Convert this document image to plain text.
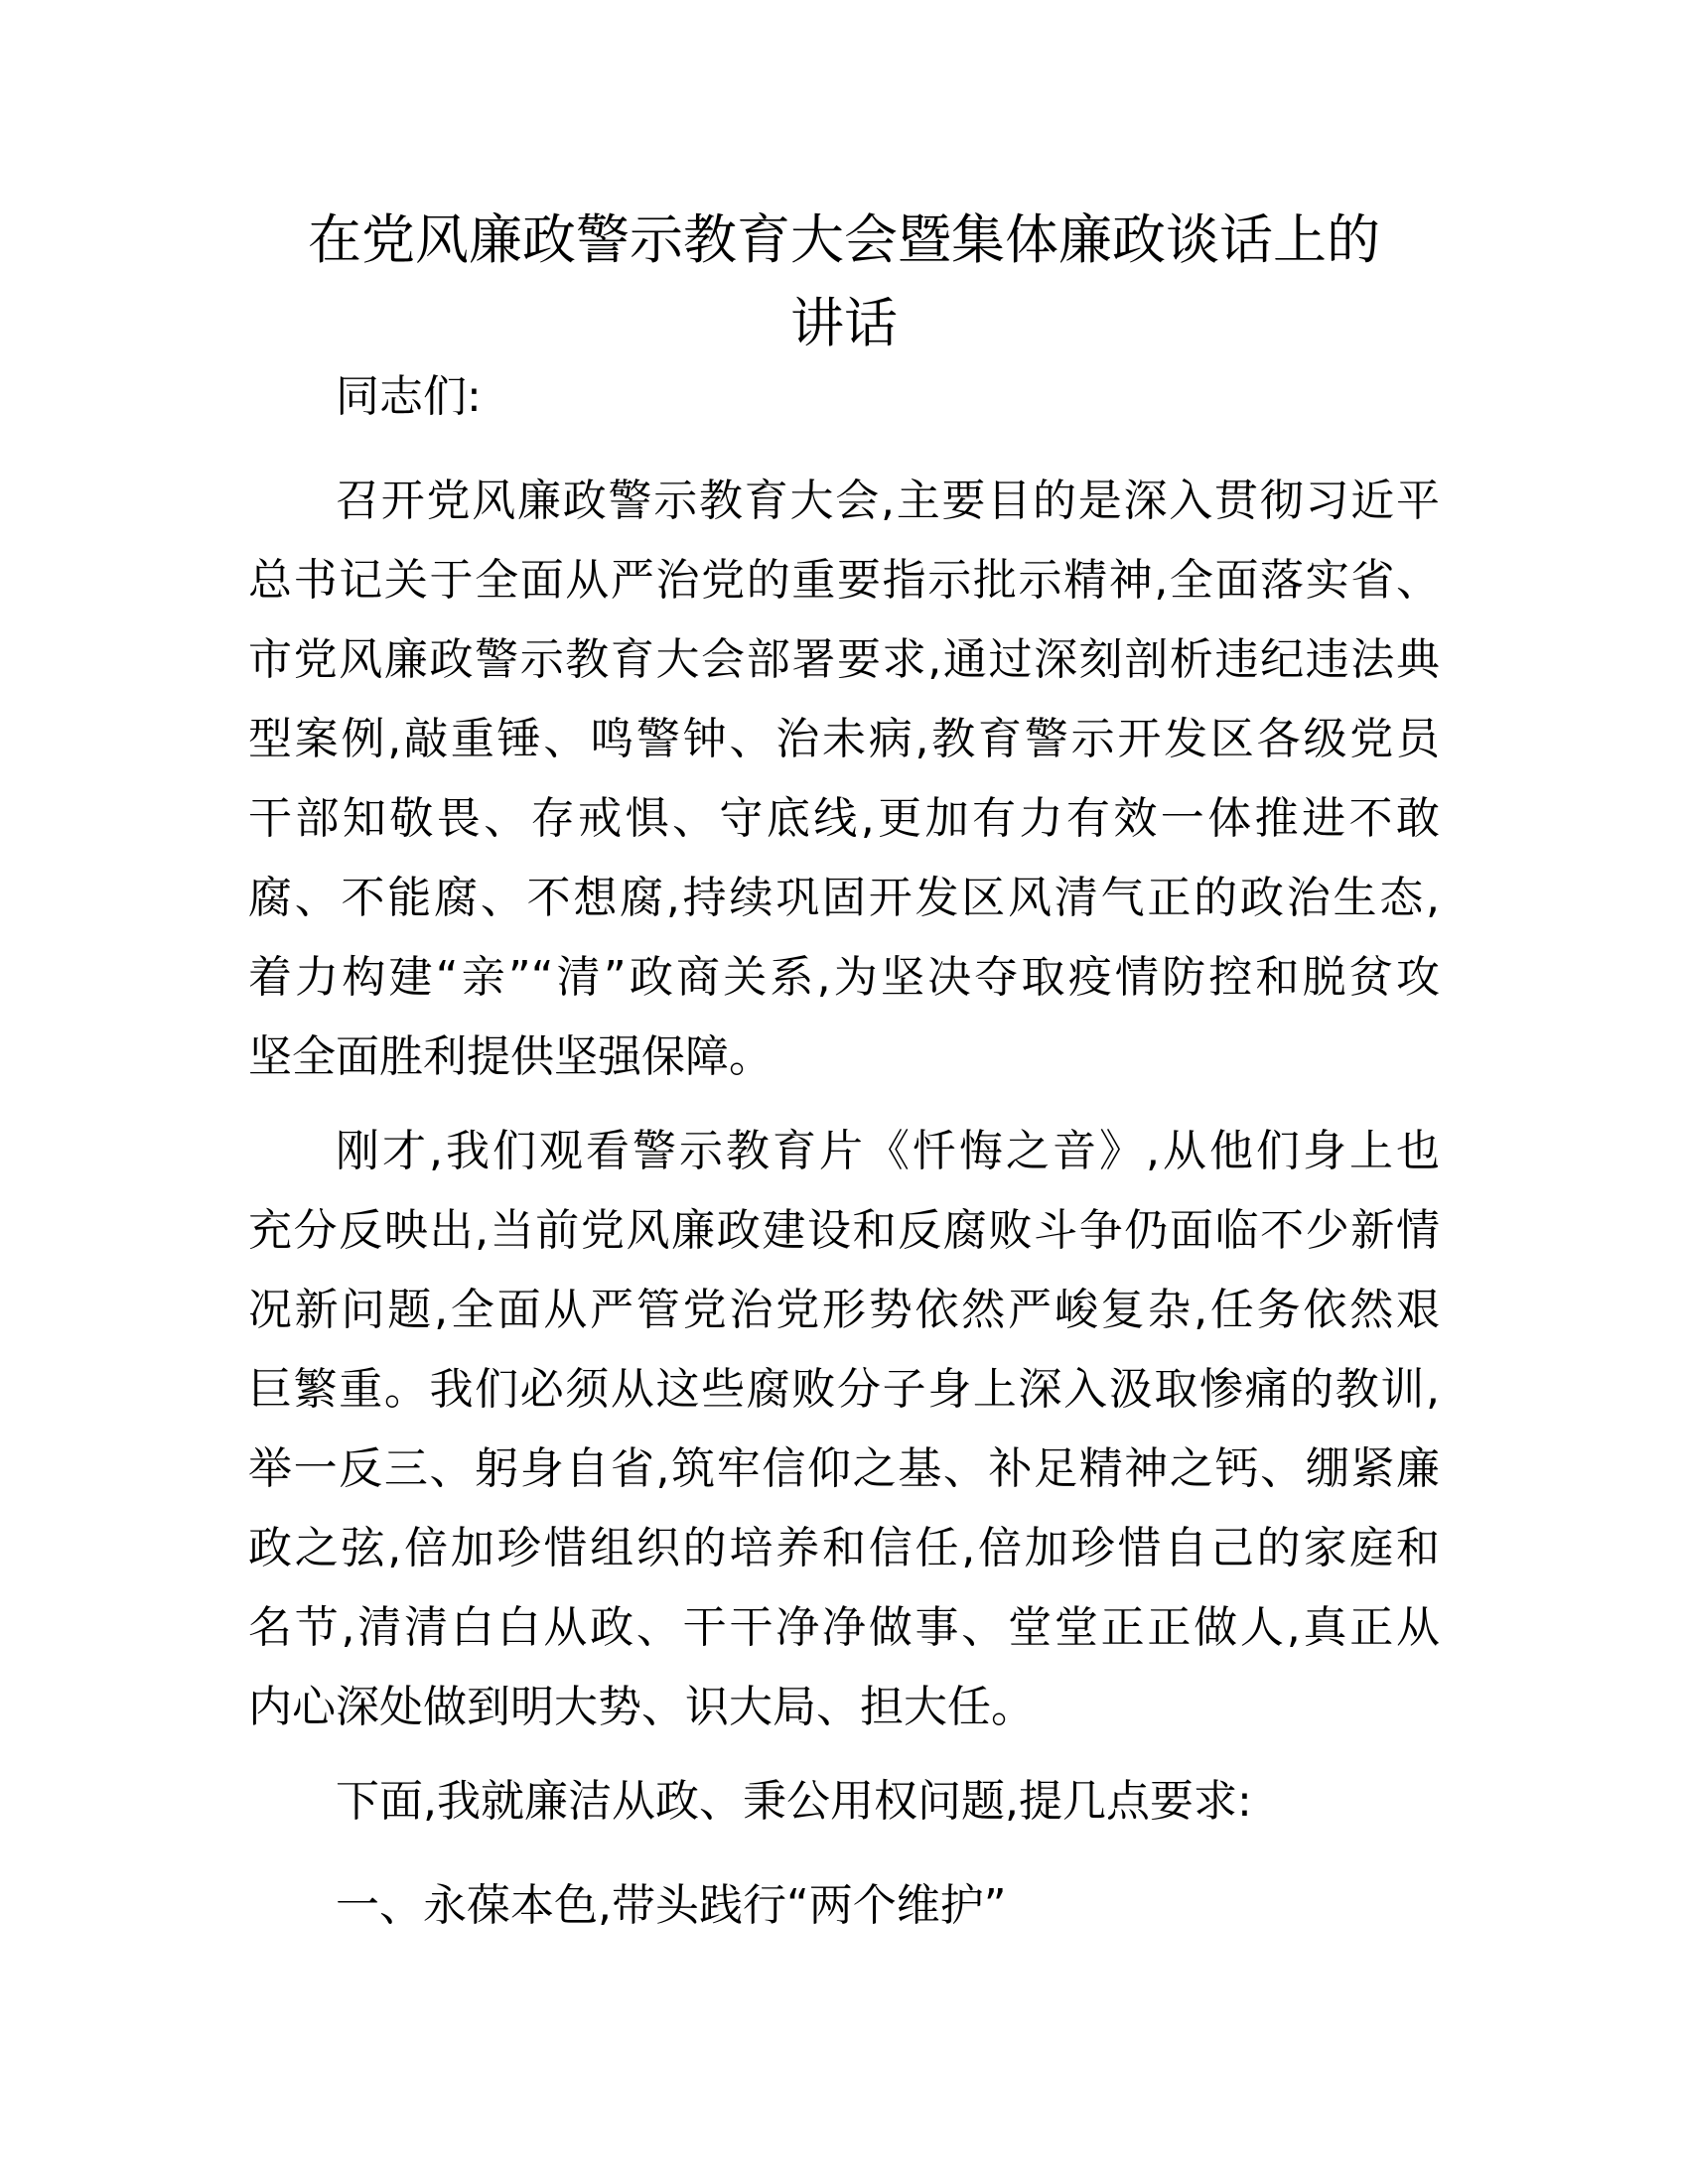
在党风廉政警示教育大会暨集体廉政谈话上的
讲话

同志们:

召开党风廉政警示教育大会,主要目的是深入贯彻习近平
总书记关于全面从严治党的重要指示批示精神,全面落实省、
市党风廉政警示教育大会部署要求,通过深刻剖析违纪违法典
型案例,敲重锤、鸣警钟、治未病,教育警示开发区各级党员
干部知敬畏、存戒惧、守底线,更加有力有效一体推进不敢
腐、不能腐、不想腐,持续巩固开发区风清气正的政治生态,
着力构建“亲”“清”政商关系,为坚决夺取疫情防控和脱贫攻
坚全面胜利提供坚强保障。
刚才,我们观看警示教育片《忏悔之音》,从他们身上也
充分反映出,当前党风廉政建设和反腐败斗争仍面临不少新情
况新问题,全面从严管党治党形势依然严峻复杂,任务依然艰
巨繁重。我们必须从这些腐败分子身上深入汲取惨痛的教训,
举一反三、躬身自省,筑牢信仰之基、补足精神之钙、绷紧廉
政之弦,倍加珍惜组织的培养和信任,倍加珍惜自己的家庭和
名节,清清白白从政、干干净净做事、堂堂正正做人,真正从
内心深处做到明大势、识大局、担大任。
下面,我就廉洁从政、秉公用权问题,提几点要求:
一、永葆本色,带头践行“两个维护”
